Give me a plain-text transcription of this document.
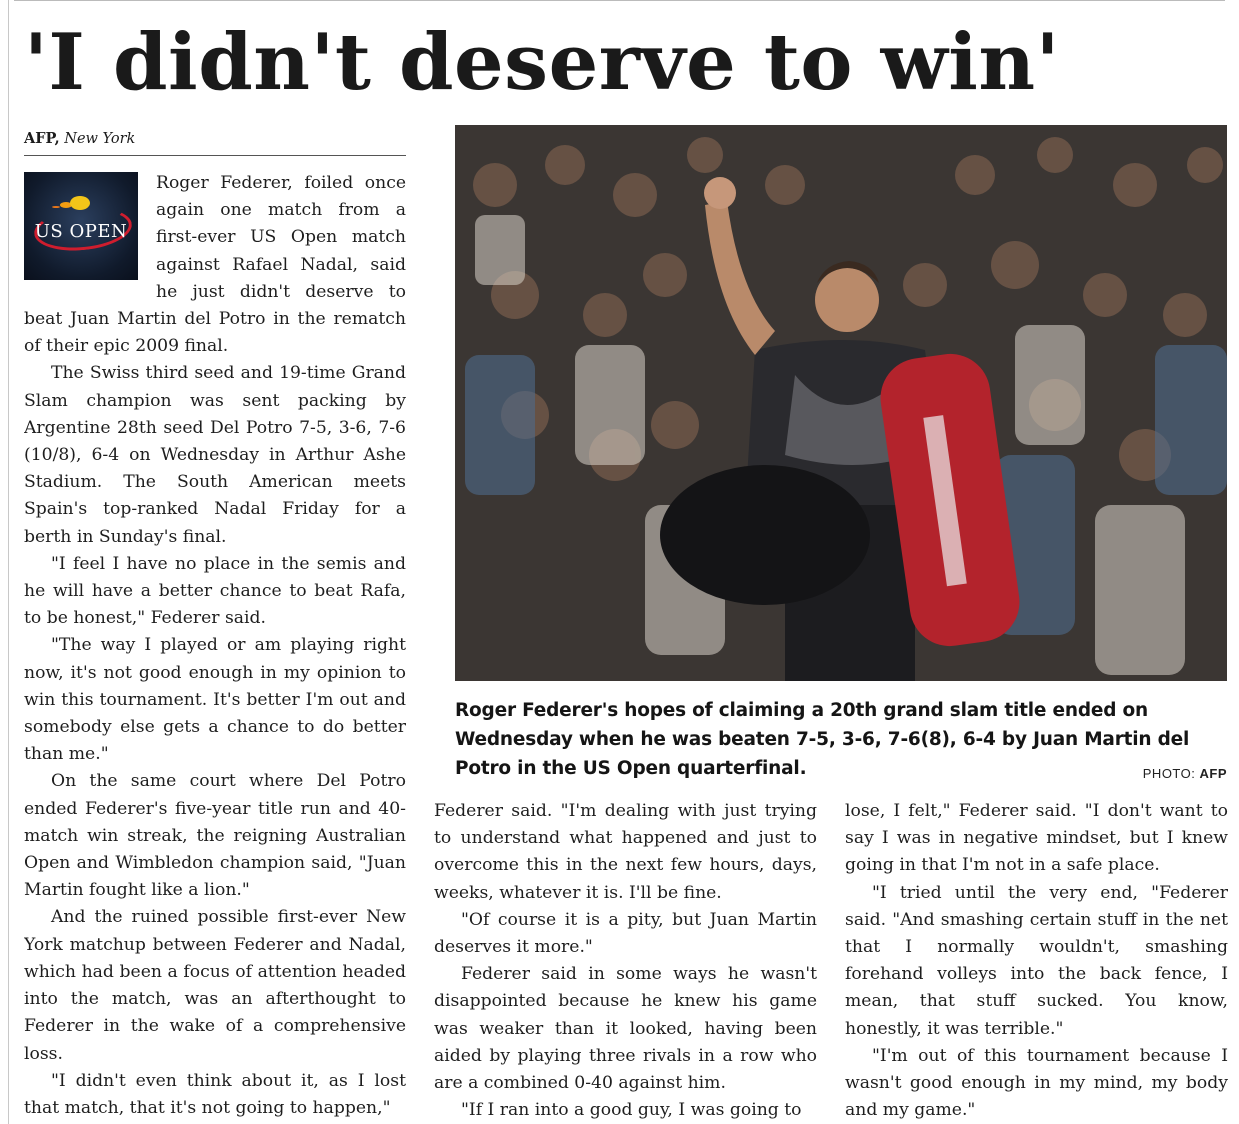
'I didn't deserve to win'
AFP, New York
US OPEN

Roger Federer, foiled once again one match from a first-ever US Open match against Rafael Nadal, said he just didn't deserve to beat Juan Martin del Potro in the rematch of their epic 2009 final.

The Swiss third seed and 19-time Grand Slam champion was sent packing by Argentine 28th seed Del Potro 7-5, 3-6, 7-6 (10/8), 6-4 on Wednesday in Arthur Ashe Stadium. The South American meets Spain's top-ranked Nadal Friday for a berth in Sunday's final.

"I feel I have no place in the semis and he will have a better chance to beat Rafa, to be honest," Federer said.

"The way I played or am playing right now, it's not good enough in my opinion to win this tournament. It's better I'm out and somebody else gets a chance to do better than me."

On the same court where Del Potro ended Federer's five-year title run and 40-match win streak, the reigning Australian Open and Wimbledon champion said, "Juan Martin fought like a lion."

And the ruined possible first-ever New York matchup between Federer and Nadal, which had been a focus of attention headed into the match, was an afterthought to Federer in the wake of a comprehensive loss.

"I didn't even think about it, as I lost that match, that it's not going to happen,"

Roger Federer's hopes of claiming a 20th grand slam title ended on Wednesday when he was beaten 7-5, 3-6, 7-6(8), 6-4 by Juan Martin del Potro in the US Open quarterfinal.	PHOTO: AFP

Federer said. "I'm dealing with just trying to understand what happened and just to overcome this in the next few hours, days, weeks, whatever it is. I'll be fine.

"Of course it is a pity, but Juan Martin deserves it more."

Federer said in some ways he wasn't disappointed because he knew his game was weaker than it looked, having been aided by playing three rivals in a row who are a combined 0-40 against him.

"If I ran into a good guy, I was going to

lose, I felt," Federer said. "I don't want to say I was in negative mindset, but I knew going in that I'm not in a safe place.

"I tried until the very end, "Federer said. "And smashing certain stuff in the net that I normally wouldn't, smashing forehand volleys into the back fence, I mean, that stuff sucked. You know, honestly, it was terrible."

"I'm out of this tournament because I wasn't good enough in my mind, my body and my game."
